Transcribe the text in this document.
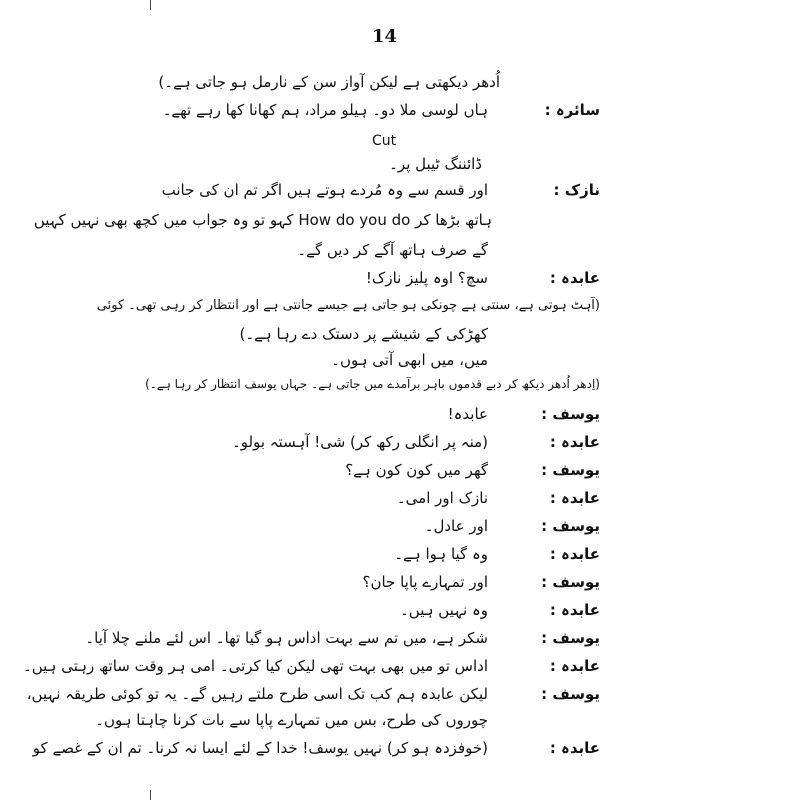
14
اُدھر دیکھتی ہے لیکن آواز سن کے نارمل ہو جاتی ہے۔)
سائرہ :
ہاں لوسی ملا دو۔ ہیلو مراد، ہم کھانا کھا رہے تھے۔
Cut
ڈائننگ ٹیبل پر۔
نازک :
اور قسم سے وہ مُردے ہوتے ہیں اگر تم ان کی جانب
ہاتھ بڑھا کر How do you do کہو تو وہ جواب میں کچھ بھی نہیں کہیں
گے صرف ہاتھ آگے کر دیں گے۔
عابدہ :
سچ؟ اوہ پلیز نازک!
(آہٹ ہوتی ہے، سنتی ہے چونکی ہو جاتی ہے جیسے جانتی ہے اور انتظار کر رہی تھی۔ کوئی
کھڑکی کے شیشے پر دستک دے رہا ہے۔)
میں، میں ابھی آتی ہوں۔
(اِدھر اُدھر دیکھ کر دبے قدموں باہر برآمدے میں جاتی ہے۔ جہاں یوسف انتظار کر رہا ہے۔)
یوسف :
عابدہ!
عابدہ :
(منہ پر انگلی رکھ کر) شی! آہستہ بولو۔
یوسف :
گھر میں کون کون ہے؟
عابدہ :
نازک اور امی۔
یوسف :
اور عادل۔
عابدہ :
وہ گیا ہوا ہے۔
یوسف :
اور تمہارے پاپا جان؟
عابدہ :
وہ نہیں ہیں۔
یوسف :
شکر ہے، میں تم سے بہت اداس ہو گیا تھا۔ اس لئے ملنے چلا آیا۔
عابدہ :
اداس تو میں بھی بہت تھی لیکن کیا کرتی۔ امی ہر وقت ساتھ رہتی ہیں۔
یوسف :
لیکن عابدہ ہم کب تک اسی طرح ملتے رہیں گے۔ یہ تو کوئی طریقہ نہیں،
چوروں کی طرح، بس میں تمہارے پاپا سے بات کرنا چاہتا ہوں۔
عابدہ :
(خوفزدہ ہو کر) نہیں یوسف! خدا کے لئے ایسا نہ کرنا۔ تم ان کے غصے کو
